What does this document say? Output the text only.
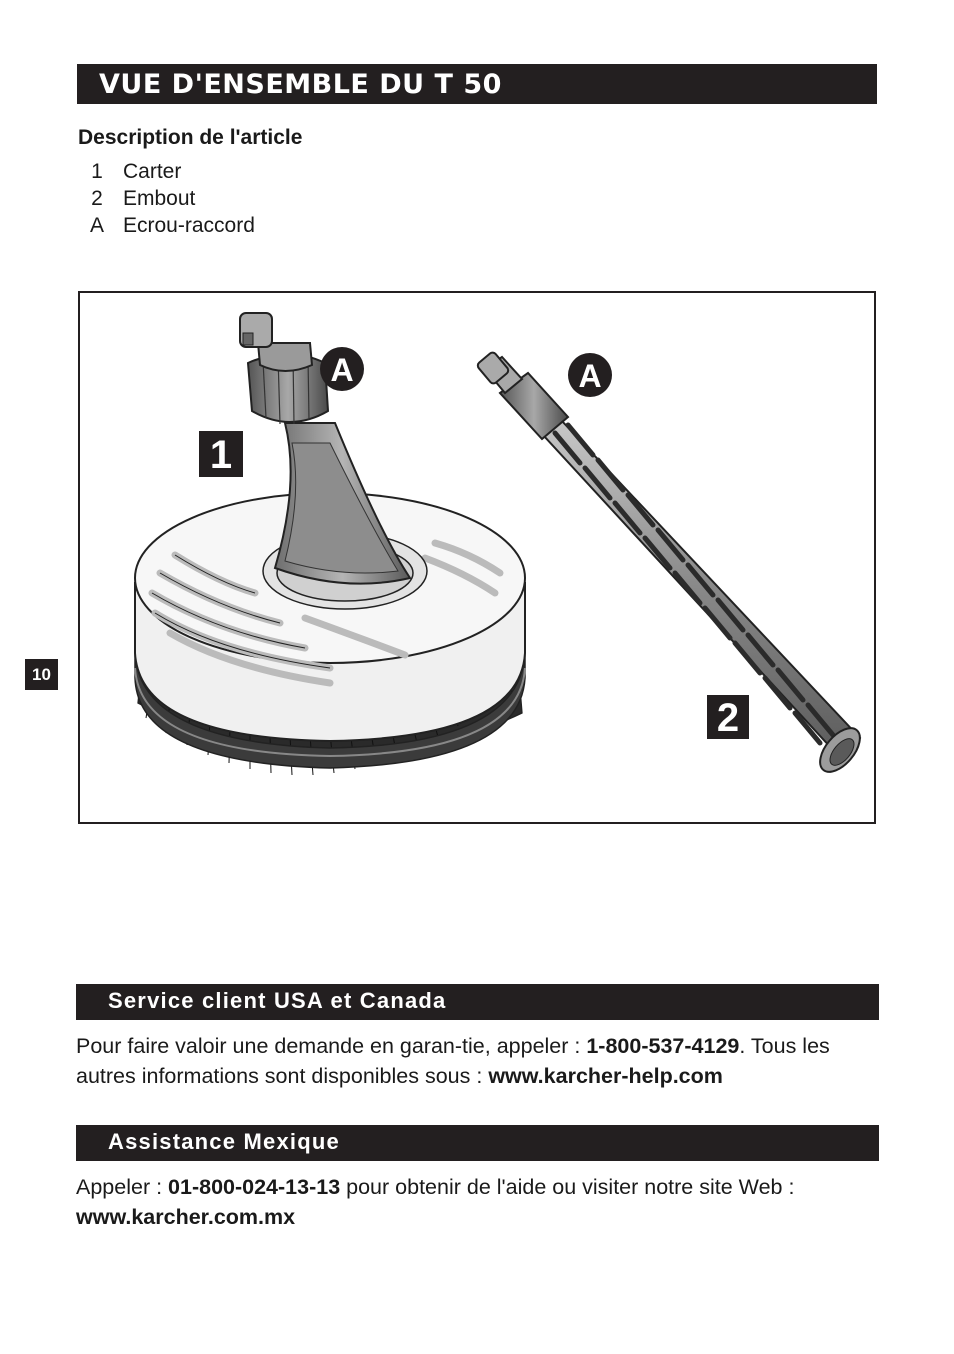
VUE D'ENSEMBLE DU T 50
Description de l'article
1 Carter
2 Embout
A Ecrou-raccord
10
A	A
1
2
Service client USA et Canada
Pour faire valoir une demande en garan-tie, appeler : 1-800-537-4129. Tous les autres informations sont disponibles sous : www.karcher-help.com
Assistance Mexique
Appeler : 01-800-024-13-13 pour obtenir de l'aide ou visiter notre site Web : www.karcher.com.mx
